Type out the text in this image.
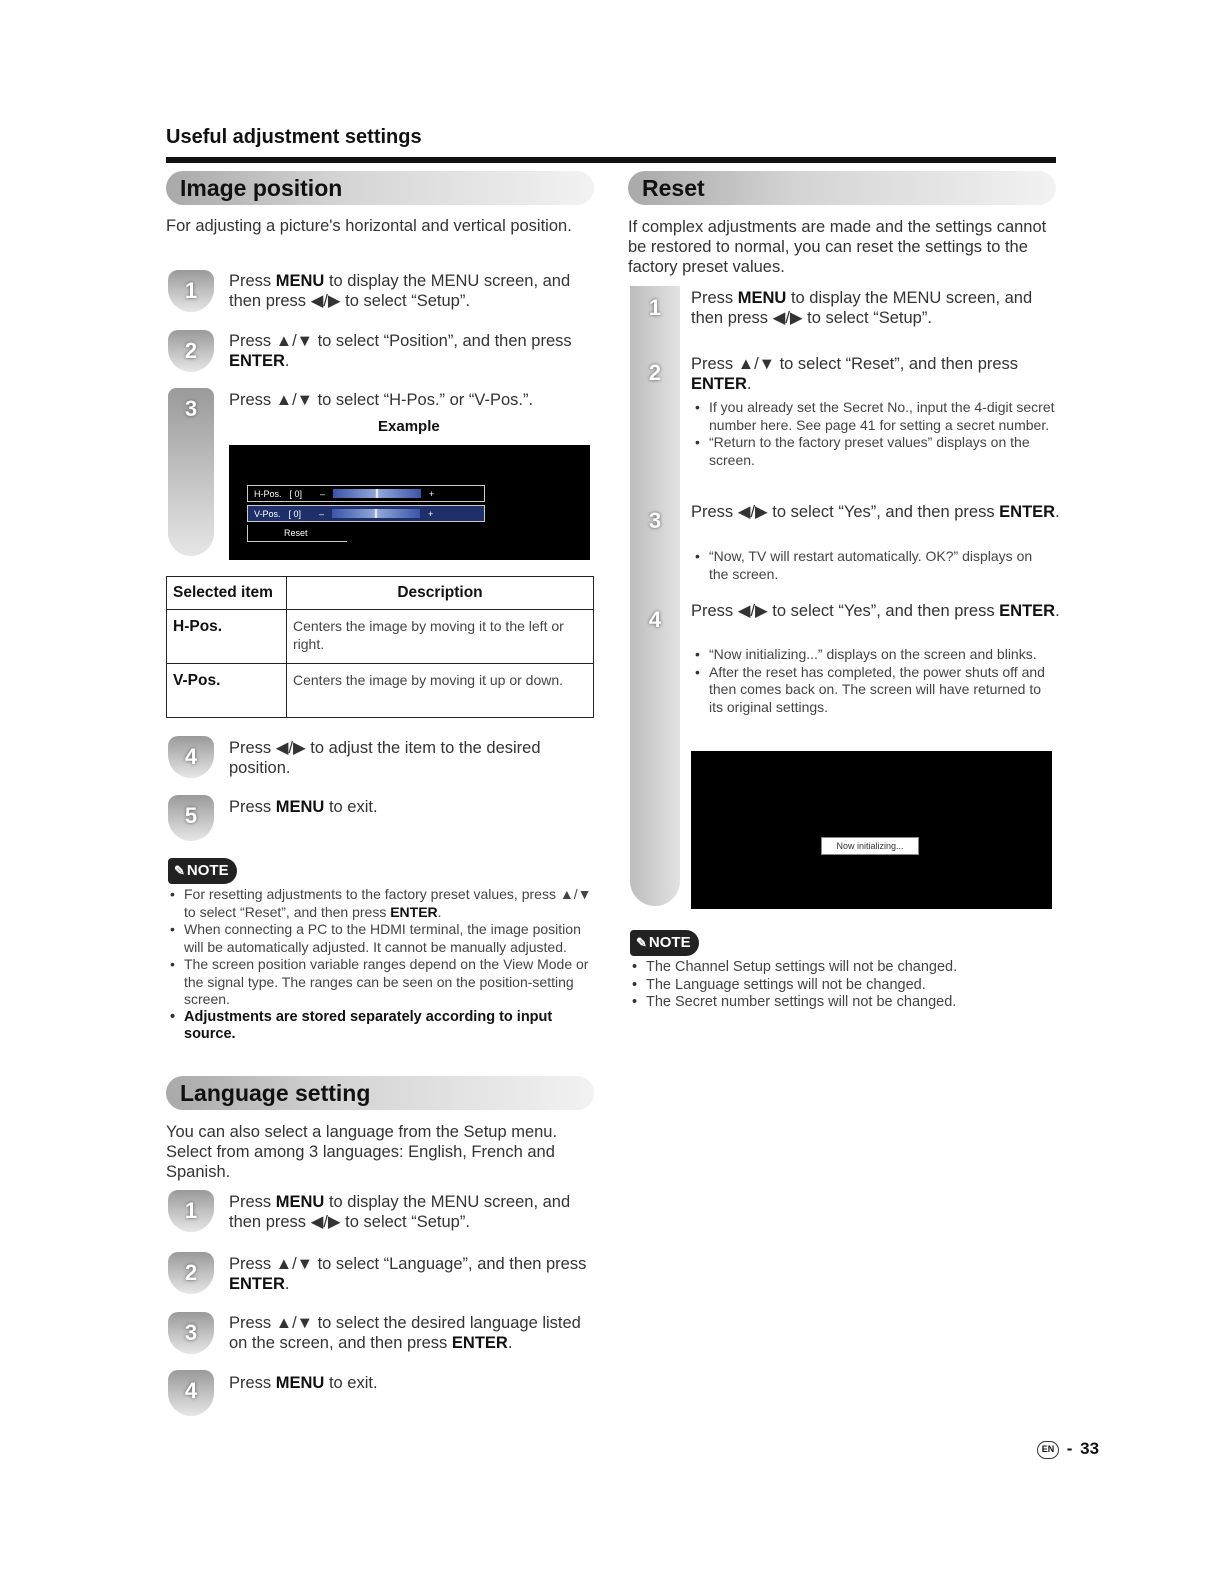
Useful adjustment settings
Image position
For adjusting a picture's horizontal and vertical position.
1 Press MENU to display the MENU screen, and then press ◀/▶ to select “Setup”.
2 Press ▲/▼ to select “Position”, and then press ENTER.
3 Press ▲/▼ to select “H-Pos.” or “V-Pos.”.
Example
H-Pos. [ 0] –	+
V-Pos. [ 0] –	+
Reset
Selected item	Description
H-Pos.	Centers the image by moving it to the left or right.
V-Pos.	Centers the image by moving it up or down.
4 Press ◀/▶ to adjust the item to the desired position.
5 Press MENU to exit.
✎ NOTE
• For resetting adjustments to the factory preset values, press ▲/▼ to select “Reset”, and then press ENTER.
• When connecting a PC to the HDMI terminal, the image position will be automatically adjusted. It cannot be manually adjusted.
• The screen position variable ranges depend on the View Mode or the signal type. The ranges can be seen on the position-setting screen.
• Adjustments are stored separately according to input source.
Language setting
You can also select a language from the Setup menu. Select from among 3 languages: English, French and Spanish.
1 Press MENU to display the MENU screen, and then press ◀/▶ to select “Setup”.
2 Press ▲/▼ to select “Language”, and then press ENTER.
3 Press ▲/▼ to select the desired language listed on the screen, and then press ENTER.
4 Press MENU to exit.
Reset
If complex adjustments are made and the settings cannot be restored to normal, you can reset the settings to the factory preset values.
1 Press MENU to display the MENU screen, and then press ◀/▶ to select “Setup”.
2 Press ▲/▼ to select “Reset”, and then press ENTER.
• If you already set the Secret No., input the 4-digit secret number here. See page 41 for setting a secret number.
• “Return to the factory preset values” displays on the screen.
3 Press ◀/▶ to select “Yes”, and then press ENTER.
• “Now, TV will restart automatically. OK?” displays on the screen.
4 Press ◀/▶ to select “Yes”, and then press ENTER.
• “Now initializing...” displays on the screen and blinks.
• After the reset has completed, the power shuts off and then comes back on. The screen will have returned to its original settings.
Now initializing...
✎ NOTE
• The Channel Setup settings will not be changed.
• The Language settings will not be changed.
• The Secret number settings will not be changed.
EN - 33
